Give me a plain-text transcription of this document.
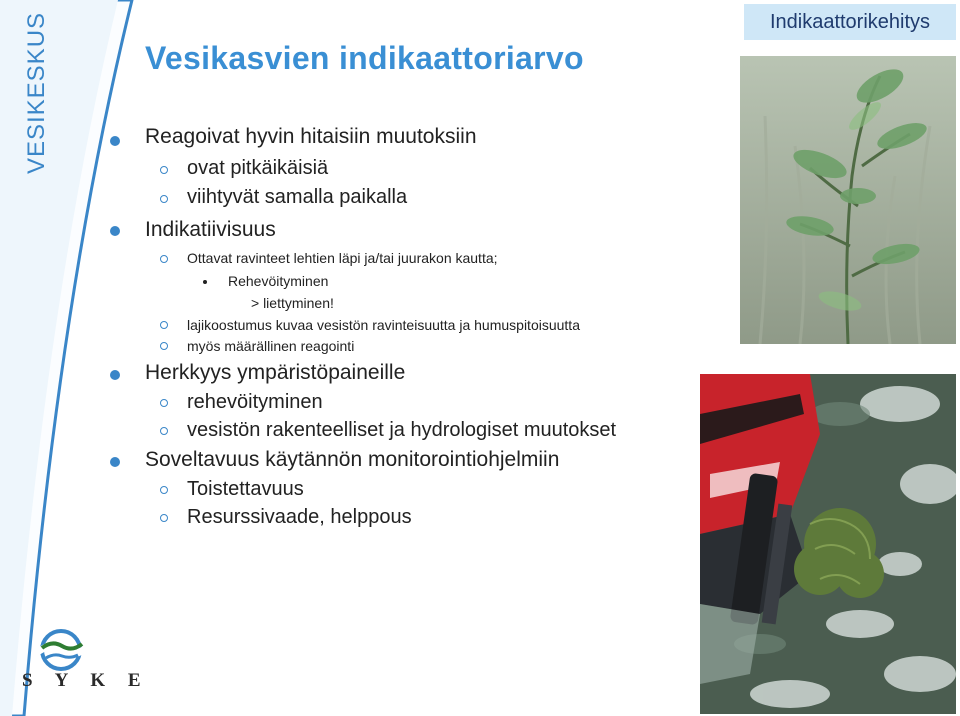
VESIKESKUS
S Y K E
Vesikasvien indikaattoriarvo
Indikaattorikehitys
Reagoivat hyvin hitaisiin muutoksiin
ovat pitkäikäisiä
viihtyvät samalla paikalla
Indikatiivisuus
Ottavat ravinteet lehtien läpi ja/tai juurakon kautta;
Rehevöityminen
> liettyminen!
lajikoostumus kuvaa vesistön ravinteisuutta ja humuspitoisuutta
myös määrällinen reagointi
Herkkyys ympäristöpaineille
rehevöityminen
vesistön rakenteelliset ja hydrologiset muutokset
Soveltavuus käytännön monitorointiohjelmiin
Toistettavuus
Resurssivaade, helppous
